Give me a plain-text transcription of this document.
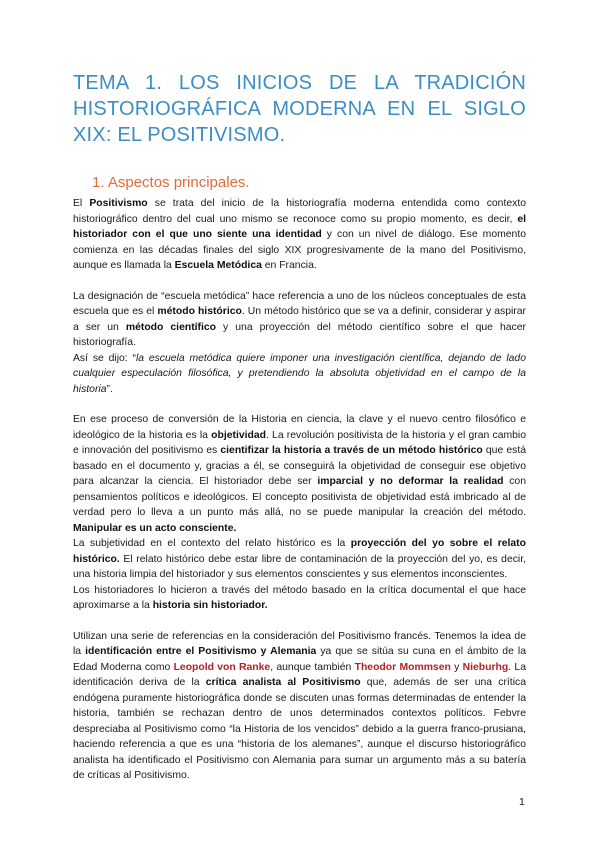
TEMA 1. LOS INICIOS DE LA TRADICIÓN HISTORIOGRÁFICA MODERNA EN EL SIGLO XIX: EL POSITIVISMO.
1. Aspectos principales.

El Positivismo se trata del inicio de la historiografía moderna entendida como contexto historiográfico dentro del cual uno mismo se reconoce como su propio momento, es decir, el historiador con el que uno siente una identidad y con un nivel de diálogo. Ese momento comienza en las décadas finales del siglo XIX progresivamente de la mano del Positivismo, aunque es llamada la Escuela Metódica en Francia.

La designación de “escuela metódica” hace referencia a uno de los núcleos conceptuales de esta escuela que es el método histórico. Un método histórico que se va a definir, considerar y aspirar a ser un método científico y una proyección del método científico sobre el que hacer historiografía.

Así se dijo: “la escuela metódica quiere imponer una investigación científica, dejando de lado cualquier especulación filosófica, y pretendiendo la absoluta objetividad en el campo de la historia”.

En ese proceso de conversión de la Historia en ciencia, la clave y el nuevo centro filosófico e ideológico de la historia es la objetividad. La revolución positivista de la historia y el gran cambio e innovación del positivismo es cientifizar la historia a través de un método histórico que está basado en el documento y, gracias a él, se conseguirá la objetividad de conseguir ese objetivo para alcanzar la ciencia. El historiador debe ser imparcial y no deformar la realidad con pensamientos políticos e ideológicos. El concepto positivista de objetividad está imbricado al de verdad pero lo lleva a un punto más allá, no se puede manipular la creación del método. Manipular es un acto consciente.

La subjetividad en el contexto del relato histórico es la proyección del yo sobre el relato histórico. El relato histórico debe estar libre de contaminación de la proyección del yo, es decir, una historia limpia del historiador y sus elementos conscientes y sus elementos inconscientes.

Los historiadores lo hicieron a través del método basado en la crítica documental el que hace aproximarse a la historia sin historiador.

Utilizan una serie de referencias en la consideración del Positivismo francés. Tenemos la idea de la identificación entre el Positivismo y Alemania ya que se sitúa su cuna en el ámbito de la Edad Moderna como Leopold von Ranke, aunque también Theodor Mommsen y Nieburhg. La identificación deriva de la crítica analista al Positivismo que, además de ser una crítica endógena puramente historiográfica donde se discuten unas formas determinadas de entender la historia, también se rechazan dentro de unos determinados contextos políticos. Febvre despreciaba al Positivismo como “la Historia de los vencidos” debido a la guerra franco-prusiana, haciendo referencia a que es una “historia de los alemanes”, aunque el discurso historiográfico analista ha identificado el Positivismo con Alemania para sumar un argumento más a su batería de críticas al Positivismo.

1
